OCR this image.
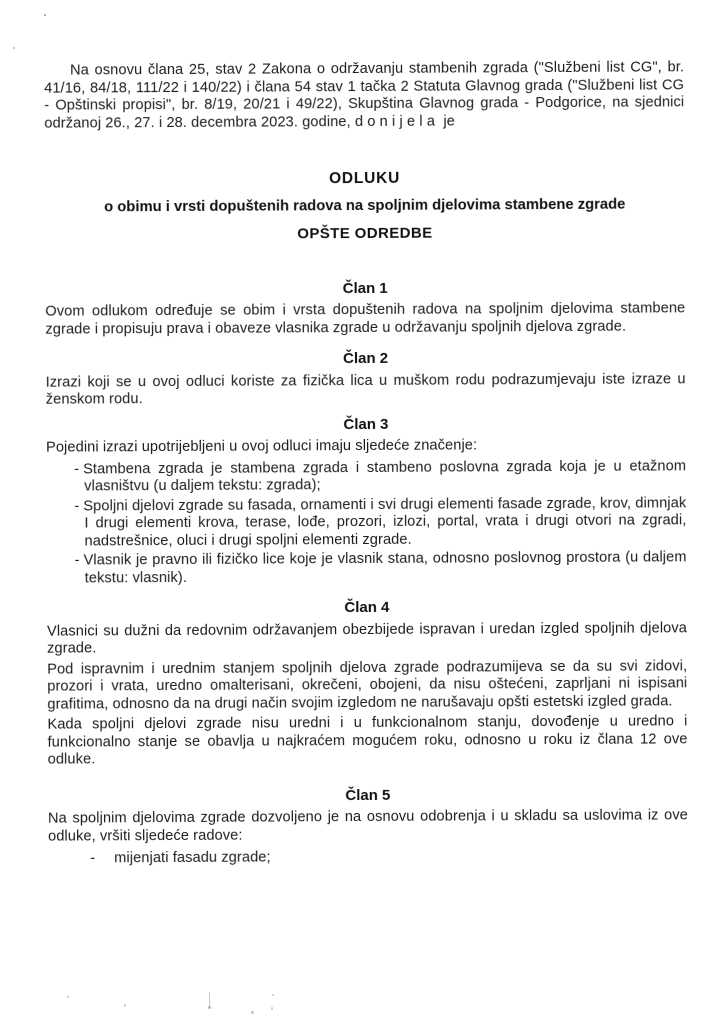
Na osnovu člana 25, stav 2 Zakona o održavanju stambenih zgrada ("Službeni list CG", br. 41/16, 84/18, 111/22 i 140/22) i člana 54 stav 1 tačka 2 Statuta Glavnog grada ("Službeni list CG - Opštinski propisi", br. 8/19, 20/21 i 49/22), Skupština Glavnog grada - Podgorice, na sjednici održanoj 26., 27. i 28. decembra 2023. godine, d o n i j e l a  je

ODLUKU
o obimu i vrsti dopuštenih radova na spoljnim djelovima stambene zgrade
OPŠTE ODREDBE
Član 1

Ovom odlukom određuje se obim i vrsta dopuštenih radova na spoljnim djelovima stambene zgrade i propisuju prava i obaveze vlasnika zgrade u održavanju spoljnih djelova zgrade.

Član 2

Izrazi koji se u ovoj odluci koriste za fizička lica u muškom rodu podrazumjevaju iste izraze u ženskom rodu.

Član 3

Pojedini izrazi upotrijebljeni u ovoj odluci imaju sljedeće značenje:

- Stambena zgrada je stambena zgrada i stambeno poslovna zgrada koja je u etažnom vlasništvu (u daljem tekstu: zgrada);

- Spoljni djelovi zgrade su fasada, ornamenti i svi drugi elementi fasade zgrade, krov, dimnjak I drugi elementi krova, terase, lođe, prozori, izlozi, portal, vrata i drugi otvori na zgradi, nadstrešnice, oluci i drugi spoljni elementi zgrade.

- Vlasnik je pravno ili fizičko lice koje je vlasnik stana, odnosno poslovnog prostora (u daljem tekstu: vlasnik).

Član 4

Vlasnici su dužni da redovnim održavanjem obezbijede ispravan i uredan izgled spoljnih djelova zgrade.

Pod ispravnim i urednim stanjem spoljnih djelova zgrade podrazumijeva se da su svi zidovi, prozori i vrata, uredno omalterisani, okrečeni, obojeni, da nisu oštećeni, zaprljani ni ispisani grafitima, odnosno da na drugi način svojim izgledom ne narušavaju opšti estetski izgled grada.

Kada spoljni djelovi zgrade nisu uredni i u funkcionalnom stanju, dovođenje u uredno i funkcionalno stanje se obavlja u najkraćem mogućem roku, odnosno u roku iz člana 12 ove odluke.

Član 5

Na spoljnim djelovima zgrade dozvoljeno je na osnovu odobrenja i u skladu sa uslovima iz ove odluke, vršiti sljedeće radove:

- mijenjati fasadu zgrade;
